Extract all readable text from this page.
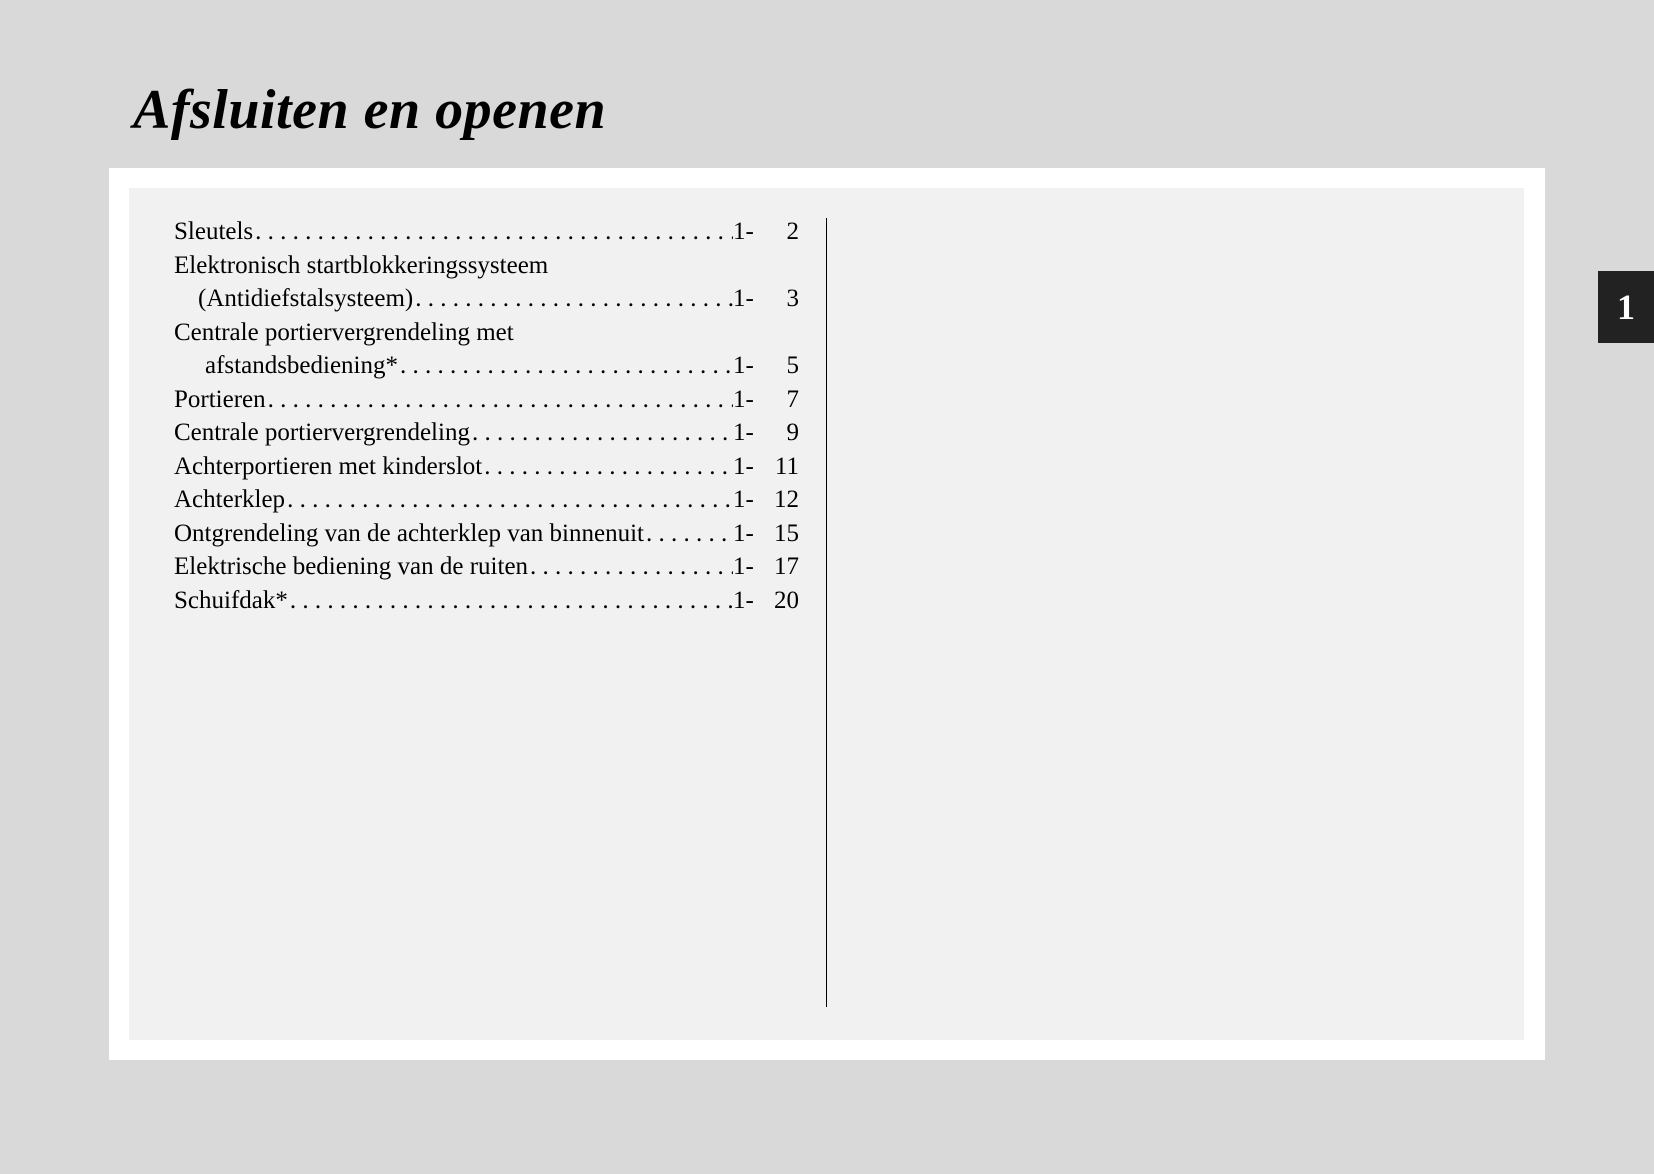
Afsluiten en openen
Sleutels . . .	1-	2
Elektronisch startblokkeringssysteem
(Antidiefstalsysteem) . . .	1-	3
Centrale portiervergrendeling met
afstandsbediening* . . .	1-	5
Portieren . . .	1-	7
Centrale portiervergrendeling . . .	1-	9
Achterportieren met kinderslot . . .	1- 11
Achterklep . . .	1- 12
Ontgrendeling van de achterklep van binnenuit . . .	1- 15
Elektrische bediening van de ruiten . . .	1- 17
Schuifdak* . . .	1- 20
1
